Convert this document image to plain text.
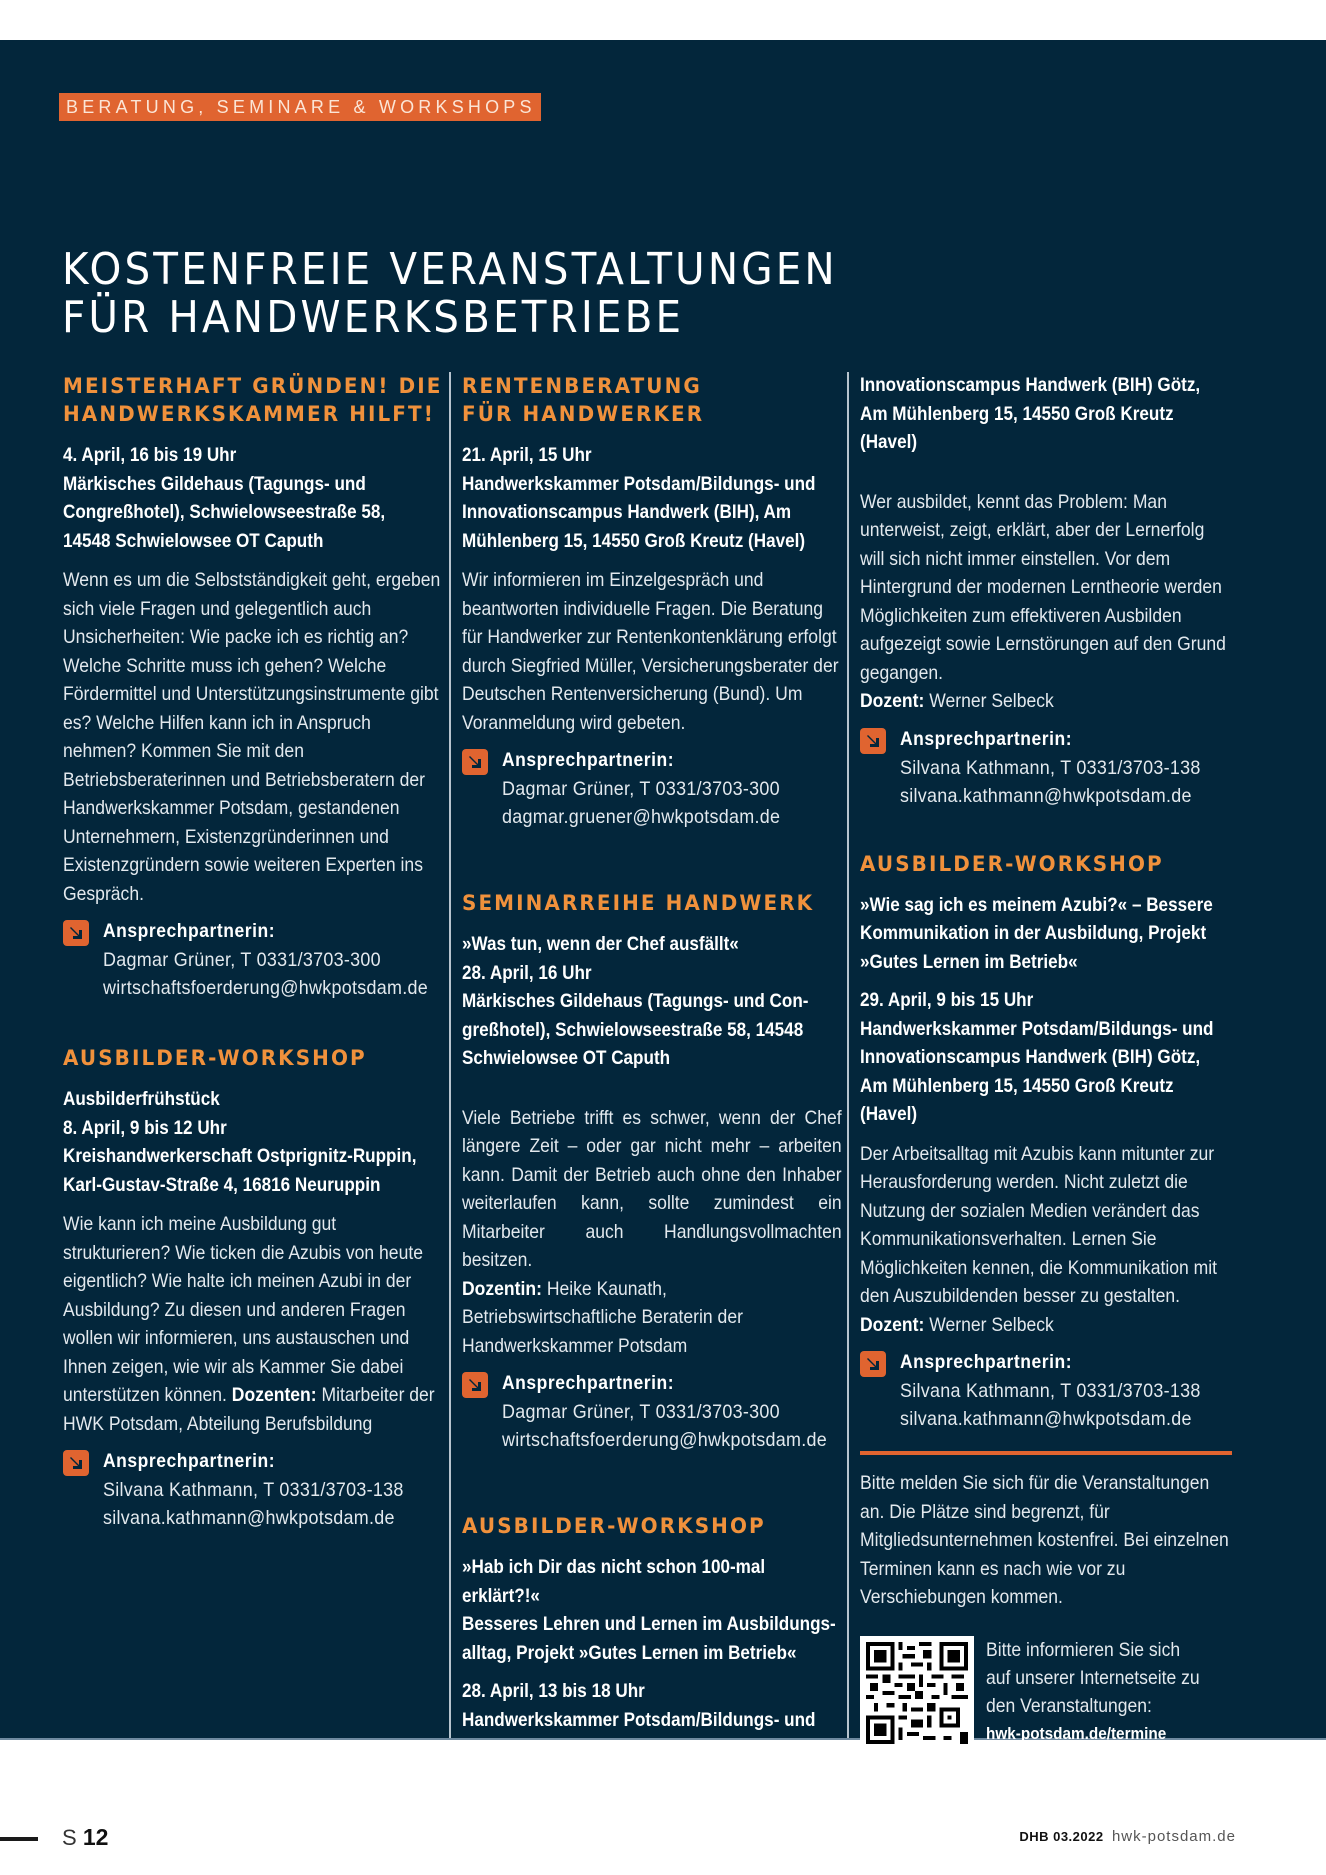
BERATUNG, SEMINARE & WORKSHOPS
KOSTENFREIE VERANSTALTUNGEN
FÜR HANDWERKSBETRIEBE
MEISTERHAFT GRÜNDEN! DIE
HANDWERKSKAMMER HILFT!
4. April, 16 bis 19 Uhr
Märkisches Gildehaus (Tagungs- und
Congreßhotel), Schwielowseestraße 58,
14548 Schwielowsee OT Caputh

Wenn es um die Selbstständigkeit geht, ergeben sich viele Fragen und gelegentlich auch Unsicherheiten: Wie packe ich es richtig an? Welche Schritte muss ich gehen? Welche Fördermittel und Unterstützungsinstrumente gibt es? Welche Hilfen kann ich in Anspruch nehmen? Kommen Sie mit den Betriebsberaterinnen und Betriebsberatern der Handwerkskammer Potsdam, gestandenen Unternehmern, Existenzgründerinnen und Existenzgründern sowie weiteren Experten ins Gespräch.

Ansprechpartnerin:
Dagmar Grüner, T 0331/3703-300
wirtschaftsfoerderung@hwkpotsdam.de
AUSBILDER-WORKSHOP
Ausbilderfrühstück
8. April, 9 bis 12 Uhr
Kreishandwerkerschaft Ostprignitz-Ruppin,
Karl-Gustav-Straße 4, 16816 Neuruppin

Wie kann ich meine Ausbildung gut strukturieren? Wie ticken die Azubis von heute eigentlich? Wie halte ich meinen Azubi in der Ausbildung? Zu diesen und anderen Fragen wollen wir informieren, uns austauschen und Ihnen zeigen, wie wir als Kammer Sie dabei unterstützen können. Dozenten: Mitarbeiter der HWK Potsdam, Abteilung Berufsbildung

Ansprechpartnerin:
Silvana Kathmann, T 0331/3703-138
silvana.kathmann@hwkpotsdam.de
RENTENBERATUNG
FÜR HANDWERKER
21. April, 15 Uhr
Handwerkskammer Potsdam/Bildungs- und
Innovationscampus Handwerk (BIH), Am
Mühlenberg 15, 14550 Groß Kreutz (Havel)

Wir informieren im Einzelgespräch und beantworten individuelle Fragen. Die Beratung für Handwerker zur Rentenkontenklärung erfolgt durch Siegfried Müller, Versicherungsberater der Deutschen Rentenversicherung (Bund). Um Voranmeldung wird gebeten.

Ansprechpartnerin:
Dagmar Grüner, T 0331/3703-300
dagmar.gruener@hwkpotsdam.de
SEMINARREIHE HANDWERK
»Was tun, wenn der Chef ausfällt«
28. April, 16 Uhr
Märkisches Gildehaus (Tagungs- und Con-
greßhotel), Schwielowseestraße 58, 14548
Schwielowsee OT Caputh

Viele Betriebe trifft es schwer, wenn der Chef längere Zeit – oder gar nicht mehr – arbeiten kann. Damit der Betrieb auch ohne den Inhaber weiterlaufen kann, sollte zumindest ein Mitarbeiter auch Handlungsvollmachten besitzen.

Dozentin: Heike Kaunath, Betriebswirtschaftliche Beraterin der Handwerkskammer Potsdam

Ansprechpartnerin:
Dagmar Grüner, T 0331/3703-300
wirtschaftsfoerderung@hwkpotsdam.de
AUSBILDER-WORKSHOP
»Hab ich Dir das nicht schon 100-mal erklärt?!«
Besseres Lehren und Lernen im Ausbildungs-
alltag, Projekt »Gutes Lernen im Betrieb«
28. April, 13 bis 18 Uhr
Handwerkskammer Potsdam/Bildungs- und
Innovationscampus Handwerk (BIH) Götz,
Am Mühlenberg 15, 14550 Groß Kreutz (Havel)

Wer ausbildet, kennt das Problem: Man unterweist, zeigt, erklärt, aber der Lernerfolg will sich nicht immer einstellen. Vor dem Hintergrund der modernen Lerntheorie werden Möglichkeiten zum effektiveren Ausbilden aufgezeigt sowie Lernstörungen auf den Grund gegangen.

Dozent: Werner Selbeck

Ansprechpartnerin:
Silvana Kathmann, T 0331/3703-138
silvana.kathmann@hwkpotsdam.de
AUSBILDER-WORKSHOP
»Wie sag ich es meinem Azubi?« – Bessere
Kommunikation in der Ausbildung, Projekt
»Gutes Lernen im Betrieb«
29. April, 9 bis 15 Uhr
Handwerkskammer Potsdam/Bildungs- und
Innovationscampus Handwerk (BIH) Götz,
Am Mühlenberg 15, 14550 Groß Kreutz (Havel)

Der Arbeitsalltag mit Azubis kann mitunter zur Herausforderung werden. Nicht zuletzt die Nutzung der sozialen Medien verändert das Kommunikationsverhalten. Lernen Sie Möglichkeiten kennen, die Kommunikation mit den Auszubildenden besser zu gestalten.

Dozent: Werner Selbeck

Ansprechpartnerin:
Silvana Kathmann, T 0331/3703-138
silvana.kathmann@hwkpotsdam.de

Bitte melden Sie sich für die Veranstaltungen an. Die Plätze sind begrenzt, für Mitgliedsunternehmen kostenfrei. Bei einzelnen Terminen kann es nach wie vor zu Verschiebungen kommen.

Bitte informieren Sie sich auf unserer Internetseite zu den Veranstaltungen:
hwk-potsdam.de/termine
S 12	DHB 03.2022 hwk-potsdam.de
